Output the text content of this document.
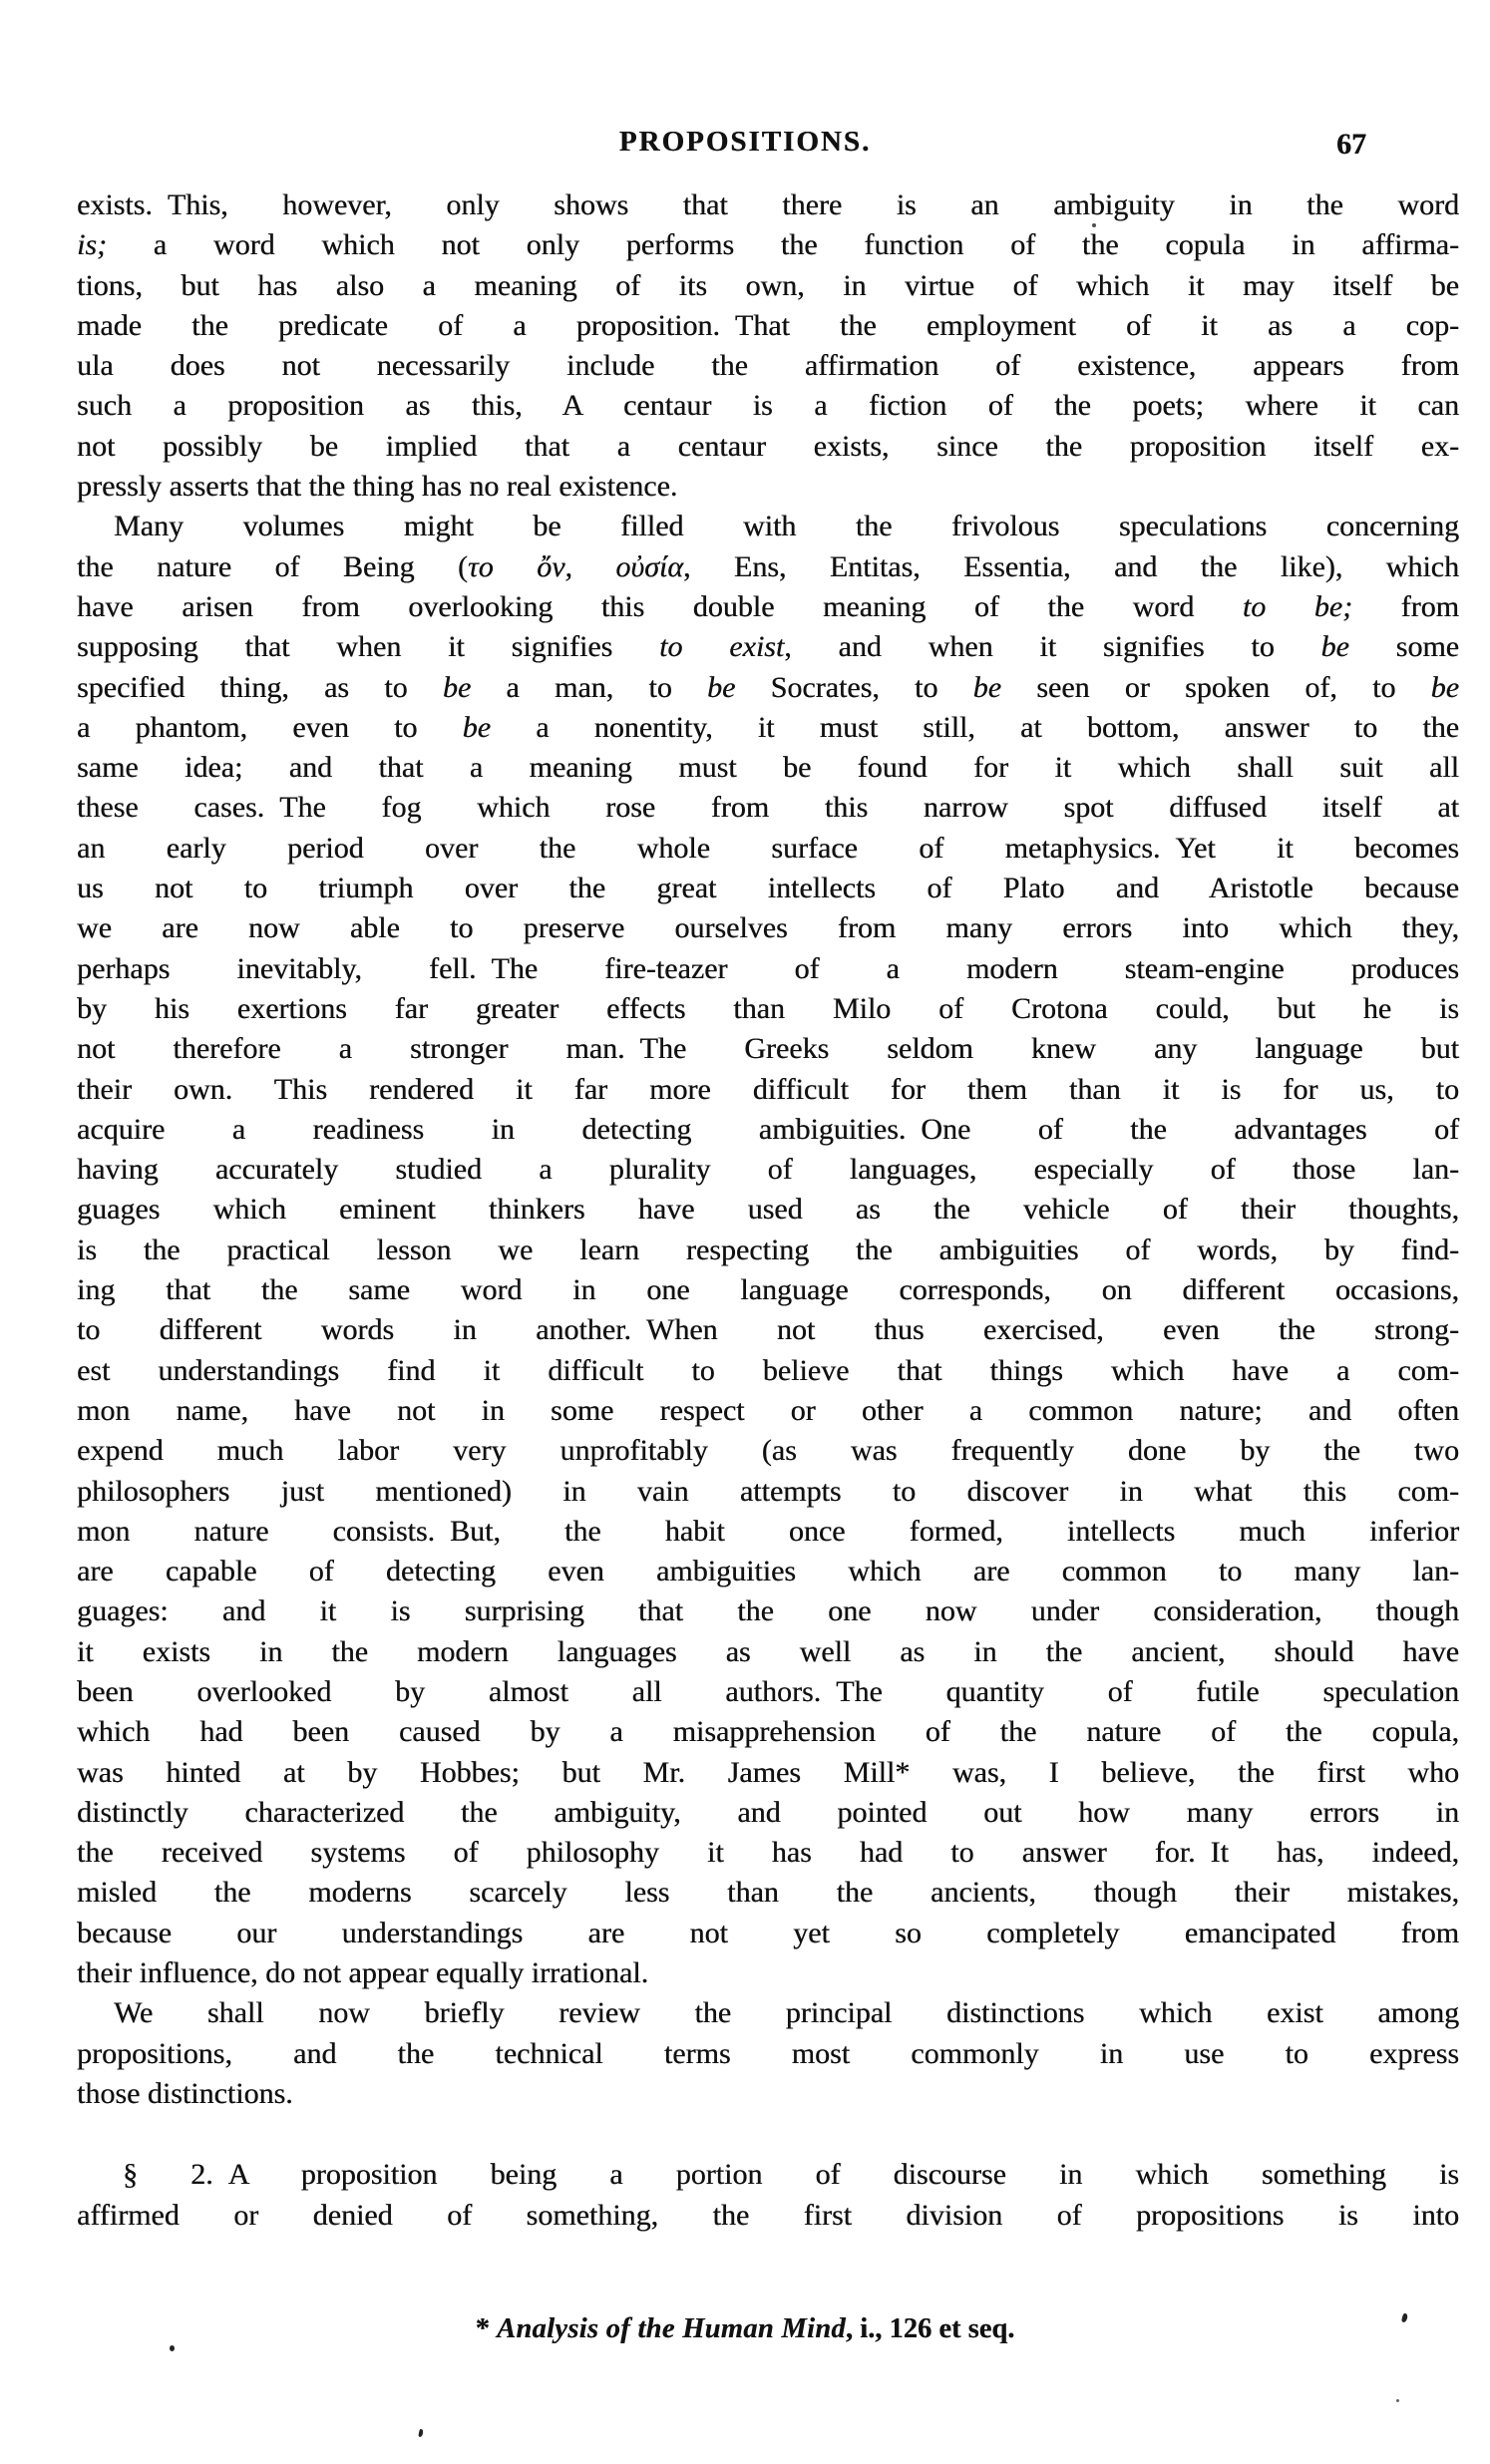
PROPOSITIONS.	67
exists. This, however, only shows that there is an ambiguity in the word
is; a word which not only performs the function of the copula in affirma-
tions, but has also a meaning of its own, in virtue of which it may itself be
made the predicate of a proposition. That the employment of it as a cop-
ula does not necessarily include the affirmation of existence, appears from
such a proposition as this, A centaur is a fiction of the poets; where it can
not possibly be implied that a centaur exists, since the proposition itself ex-
pressly asserts that the thing has no real existence.
Many volumes might be filled with the frivolous speculations concerning
the nature of Being (το ὄν, οὐσία, Ens, Entitas, Essentia, and the like), which
have arisen from overlooking this double meaning of the word to be; from
supposing that when it signifies to exist, and when it signifies to be some
specified thing, as to be a man, to be Socrates, to be seen or spoken of, to be
a phantom, even to be a nonentity, it must still, at bottom, answer to the
same idea; and that a meaning must be found for it which shall suit all
these cases. The fog which rose from this narrow spot diffused itself at
an early period over the whole surface of metaphysics. Yet it becomes
us not to triumph over the great intellects of Plato and Aristotle because
we are now able to preserve ourselves from many errors into which they,
perhaps inevitably, fell. The fire-teazer of a modern steam-engine produces
by his exertions far greater effects than Milo of Crotona could, but he is
not therefore a stronger man. The Greeks seldom knew any language but
their own. This rendered it far more difficult for them than it is for us, to
acquire a readiness in detecting ambiguities. One of the advantages of
having accurately studied a plurality of languages, especially of those lan-
guages which eminent thinkers have used as the vehicle of their thoughts,
is the practical lesson we learn respecting the ambiguities of words, by find-
ing that the same word in one language corresponds, on different occasions,
to different words in another. When not thus exercised, even the strong-
est understandings find it difficult to believe that things which have a com-
mon name, have not in some respect or other a common nature; and often
expend much labor very unprofitably (as was frequently done by the two
philosophers just mentioned) in vain attempts to discover in what this com-
mon nature consists. But, the habit once formed, intellects much inferior
are capable of detecting even ambiguities which are common to many lan-
guages: and it is surprising that the one now under consideration, though
it exists in the modern languages as well as in the ancient, should have
been overlooked by almost all authors. The quantity of futile speculation
which had been caused by a misapprehension of the nature of the copula,
was hinted at by Hobbes; but Mr. James Mill* was, I believe, the first who
distinctly characterized the ambiguity, and pointed out how many errors in
the received systems of philosophy it has had to answer for. It has, indeed,
misled the moderns scarcely less than the ancients, though their mistakes,
because our understandings are not yet so completely emancipated from
their influence, do not appear equally irrational.
We shall now briefly review the principal distinctions which exist among
propositions, and the technical terms most commonly in use to express
those distinctions.
§ 2. A proposition being a portion of discourse in which something is
affirmed or denied of something, the first division of propositions is into
* Analysis of the Human Mind, i., 126 et seq.
